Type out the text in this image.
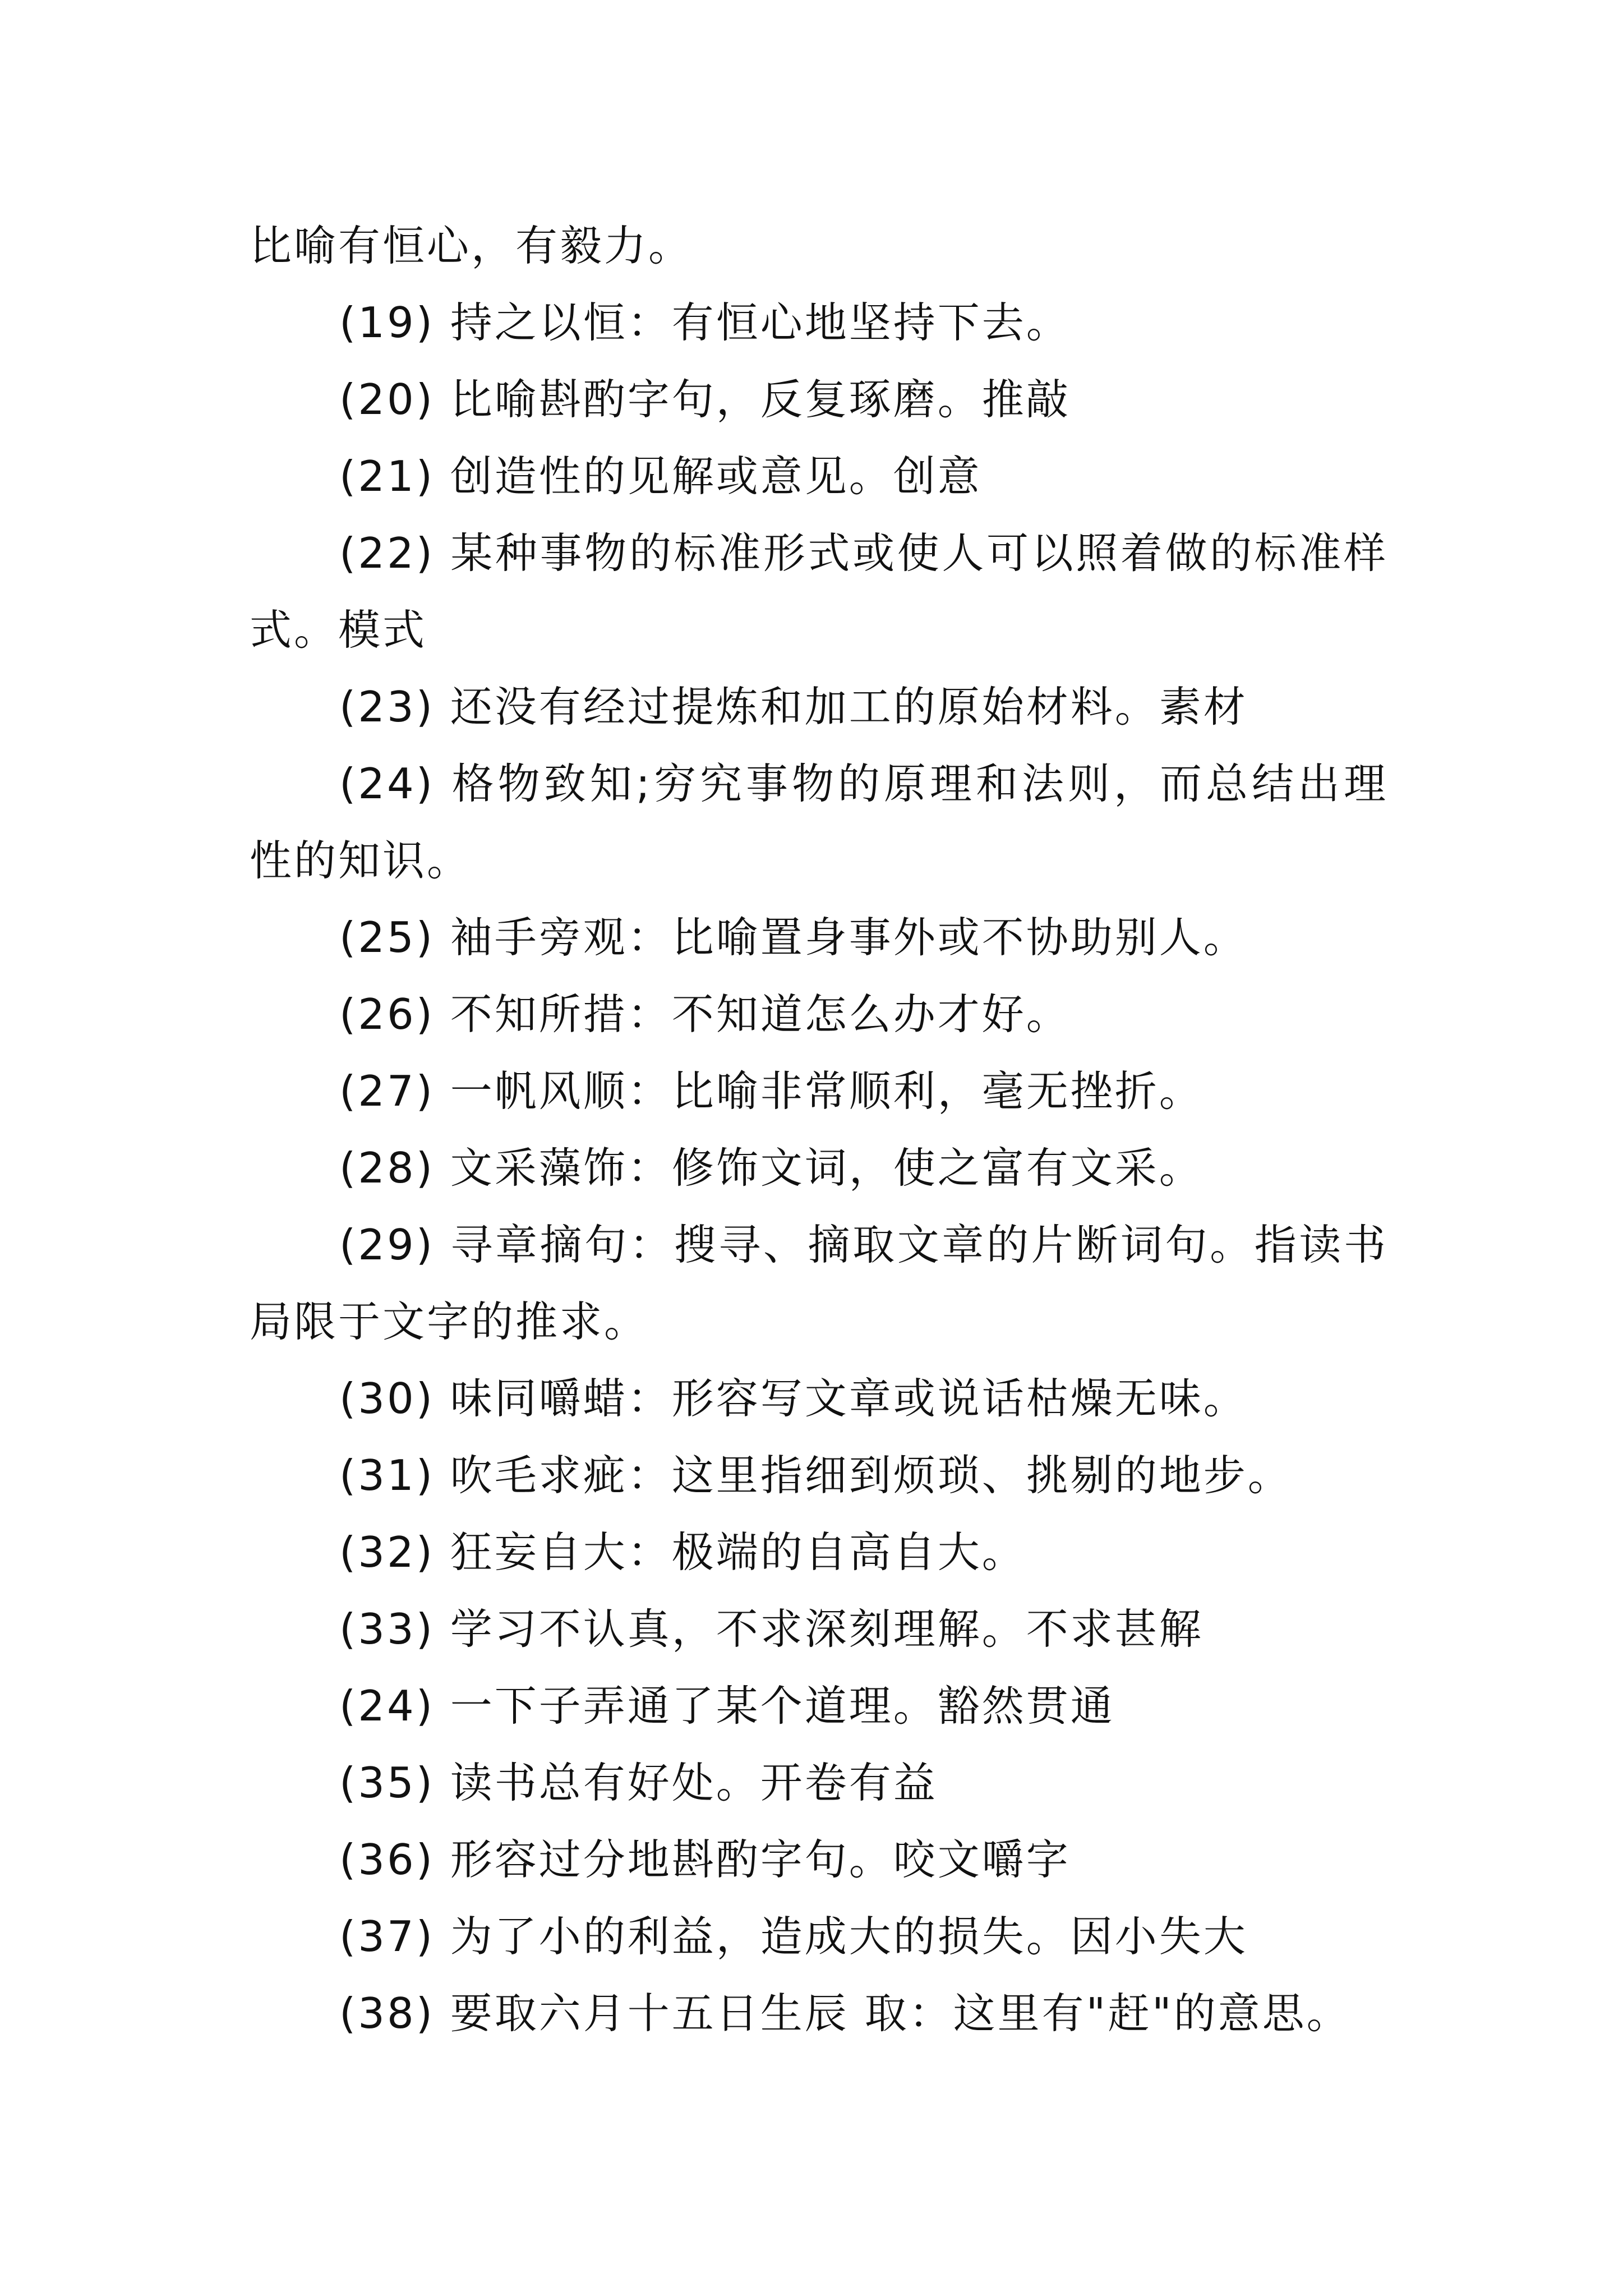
比喻有恒心，有毅力。

(19) 持之以恒：有恒心地坚持下去。

(20) 比喻斟酌字句，反复琢磨。推敲

(21) 创造性的见解或意见。创意

(22) 某种事物的标准形式或使人可以照着做的标准样式。模式

(23) 还没有经过提炼和加工的原始材料。素材

(24) 格物致知;穷究事物的原理和法则，而总结出理性的知识。

(25) 袖手旁观：比喻置身事外或不协助别人。

(26) 不知所措：不知道怎么办才好。

(27) 一帆风顺：比喻非常顺利，毫无挫折。

(28) 文采藻饰：修饰文词，使之富有文采。

(29) 寻章摘句：搜寻、摘取文章的片断词句。指读书局限于文字的推求。

(30) 味同嚼蜡：形容写文章或说话枯燥无味。

(31) 吹毛求疵：这里指细到烦琐、挑剔的地步。

(32) 狂妄自大：极端的自高自大。

(33) 学习不认真，不求深刻理解。不求甚解

(24) 一下子弄通了某个道理。豁然贯通

(35) 读书总有好处。开卷有益

(36) 形容过分地斟酌字句。咬文嚼字

(37) 为了小的利益，造成大的损失。因小失大

(38) 要取六月十五日生辰 取：这里有"赶"的意思。
